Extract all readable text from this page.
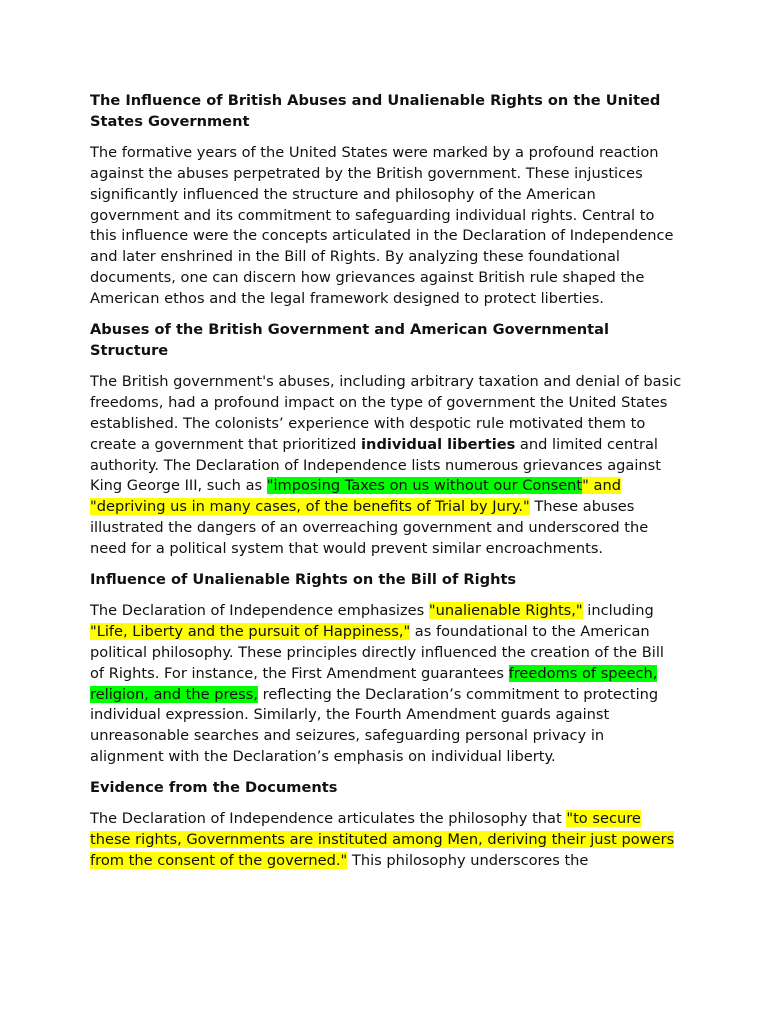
The Influence of British Abuses and Unalienable Rights on the United States Government

The formative years of the United States were marked by a profound reaction against the abuses perpetrated by the British government. These injustices significantly influenced the structure and philosophy of the American government and its commitment to safeguarding individual rights. Central to this influence were the concepts articulated in the Declaration of Independence and later enshrined in the Bill of Rights. By analyzing these foundational documents, one can discern how grievances against British rule shaped the American ethos and the legal framework designed to protect liberties.

Abuses of the British Government and American Governmental Structure

The British government's abuses, including arbitrary taxation and denial of basic freedoms, had a profound impact on the type of government the United States established. The colonists’ experience with despotic rule motivated them to create a government that prioritized individual liberties and limited central authority. The Declaration of Independence lists numerous grievances against King George III, such as "imposing Taxes on us without our Consent" and "depriving us in many cases, of the benefits of Trial by Jury." These abuses illustrated the dangers of an overreaching government and underscored the need for a political system that would prevent similar encroachments.

Influence of Unalienable Rights on the Bill of Rights

The Declaration of Independence emphasizes "unalienable Rights," including "Life, Liberty and the pursuit of Happiness," as foundational to the American political philosophy. These principles directly influenced the creation of the Bill of Rights. For instance, the First Amendment guarantees freedoms of speech, religion, and the press, reflecting the Declaration’s commitment to protecting individual expression. Similarly, the Fourth Amendment guards against unreasonable searches and seizures, safeguarding personal privacy in alignment with the Declaration’s emphasis on individual liberty.

Evidence from the Documents

The Declaration of Independence articulates the philosophy that "to secure these rights, Governments are instituted among Men, deriving their just powers from the consent of the governed." This philosophy underscores the
